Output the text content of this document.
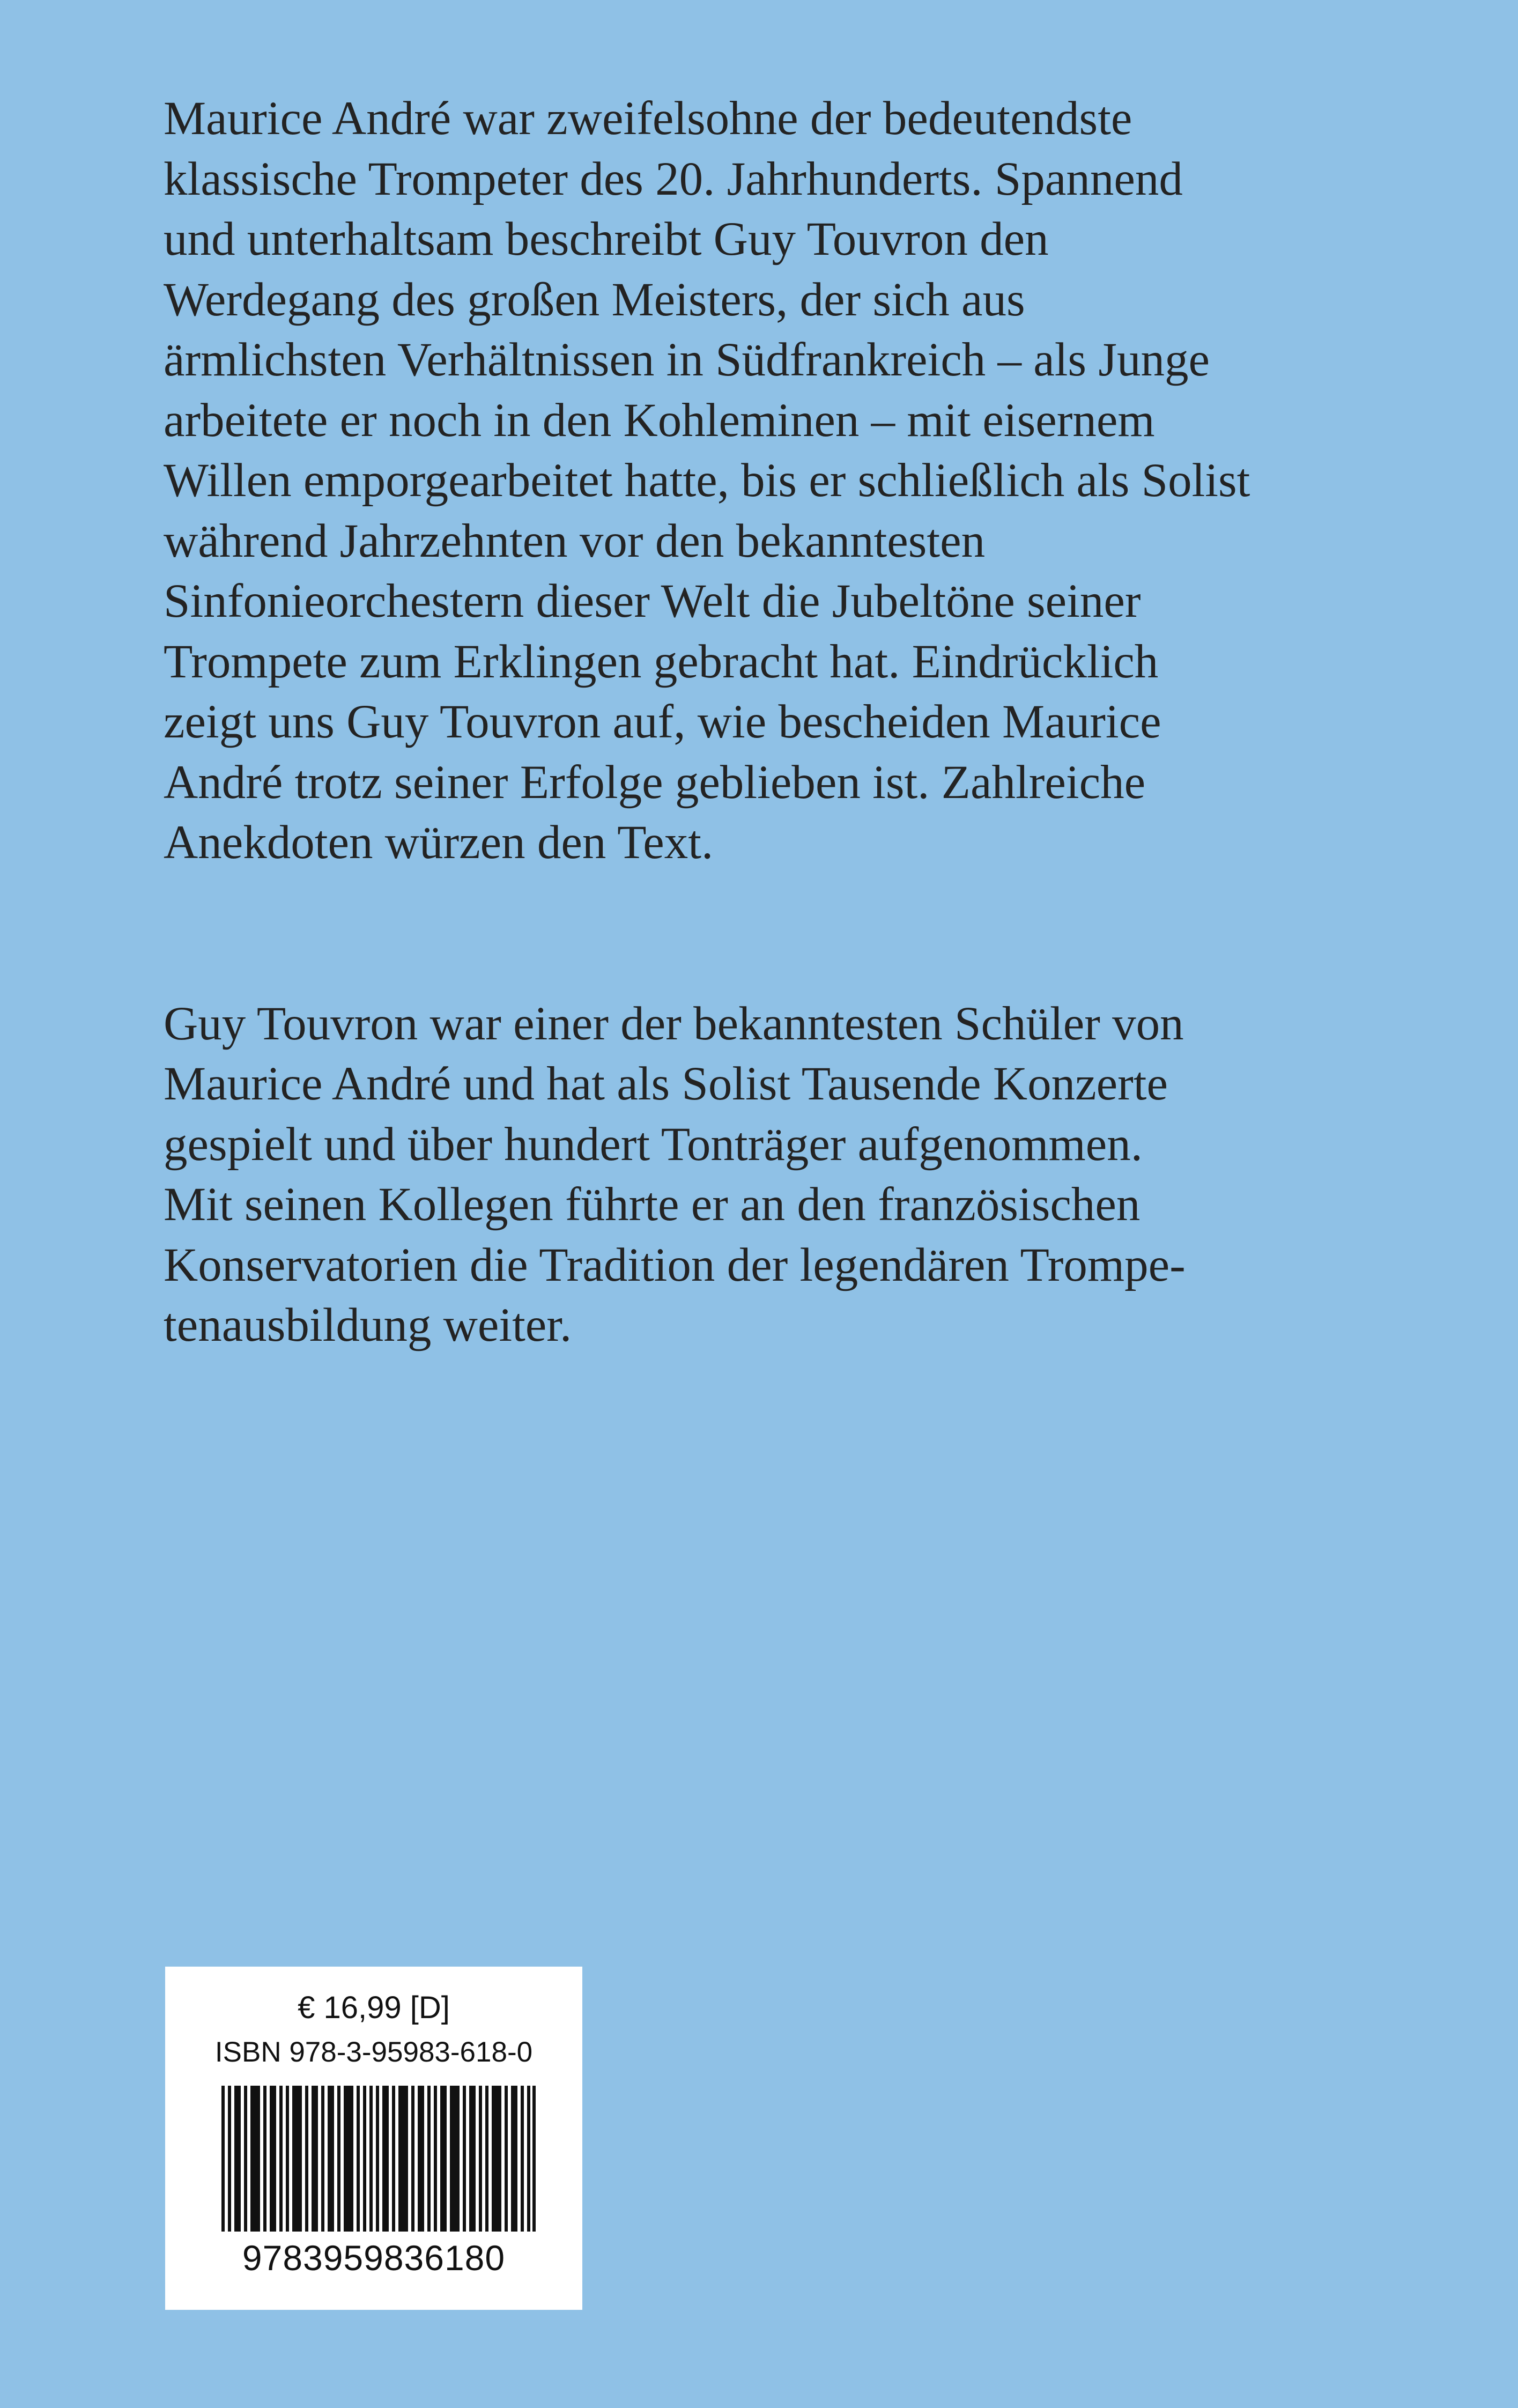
Maurice André war zweifelsohne der bedeutendste

klassische Trompeter des 20. Jahrhunderts. Spannend

und unterhaltsam beschreibt Guy Touvron den

Werdegang des großen Meisters, der sich aus

ärmlichsten Verhältnissen in Südfrankreich – als Junge

arbeitete er noch in den Kohleminen – mit eisernem

Willen emporgearbeitet hatte, bis er schließlich als Solist

während Jahrzehnten vor den bekanntesten

Sinfonieorchestern dieser Welt die Jubeltöne seiner

Trompete zum Erklingen gebracht hat. Eindrücklich

zeigt uns Guy Touvron auf, wie bescheiden Maurice

André trotz seiner Erfolge geblieben ist. Zahlreiche

Anekdoten würzen den Text.

Guy Touvron war einer der bekanntesten Schüler von

Maurice André und hat als Solist Tausende Konzerte

gespielt und über hundert Tonträger aufgenommen.

Mit seinen Kollegen führte er an den französischen

Konservatorien die Tradition der legendären Trompe-

tenausbildung weiter.

€ 16,99 [D]
ISBN 978-3-95983-618-0
9783959836180
